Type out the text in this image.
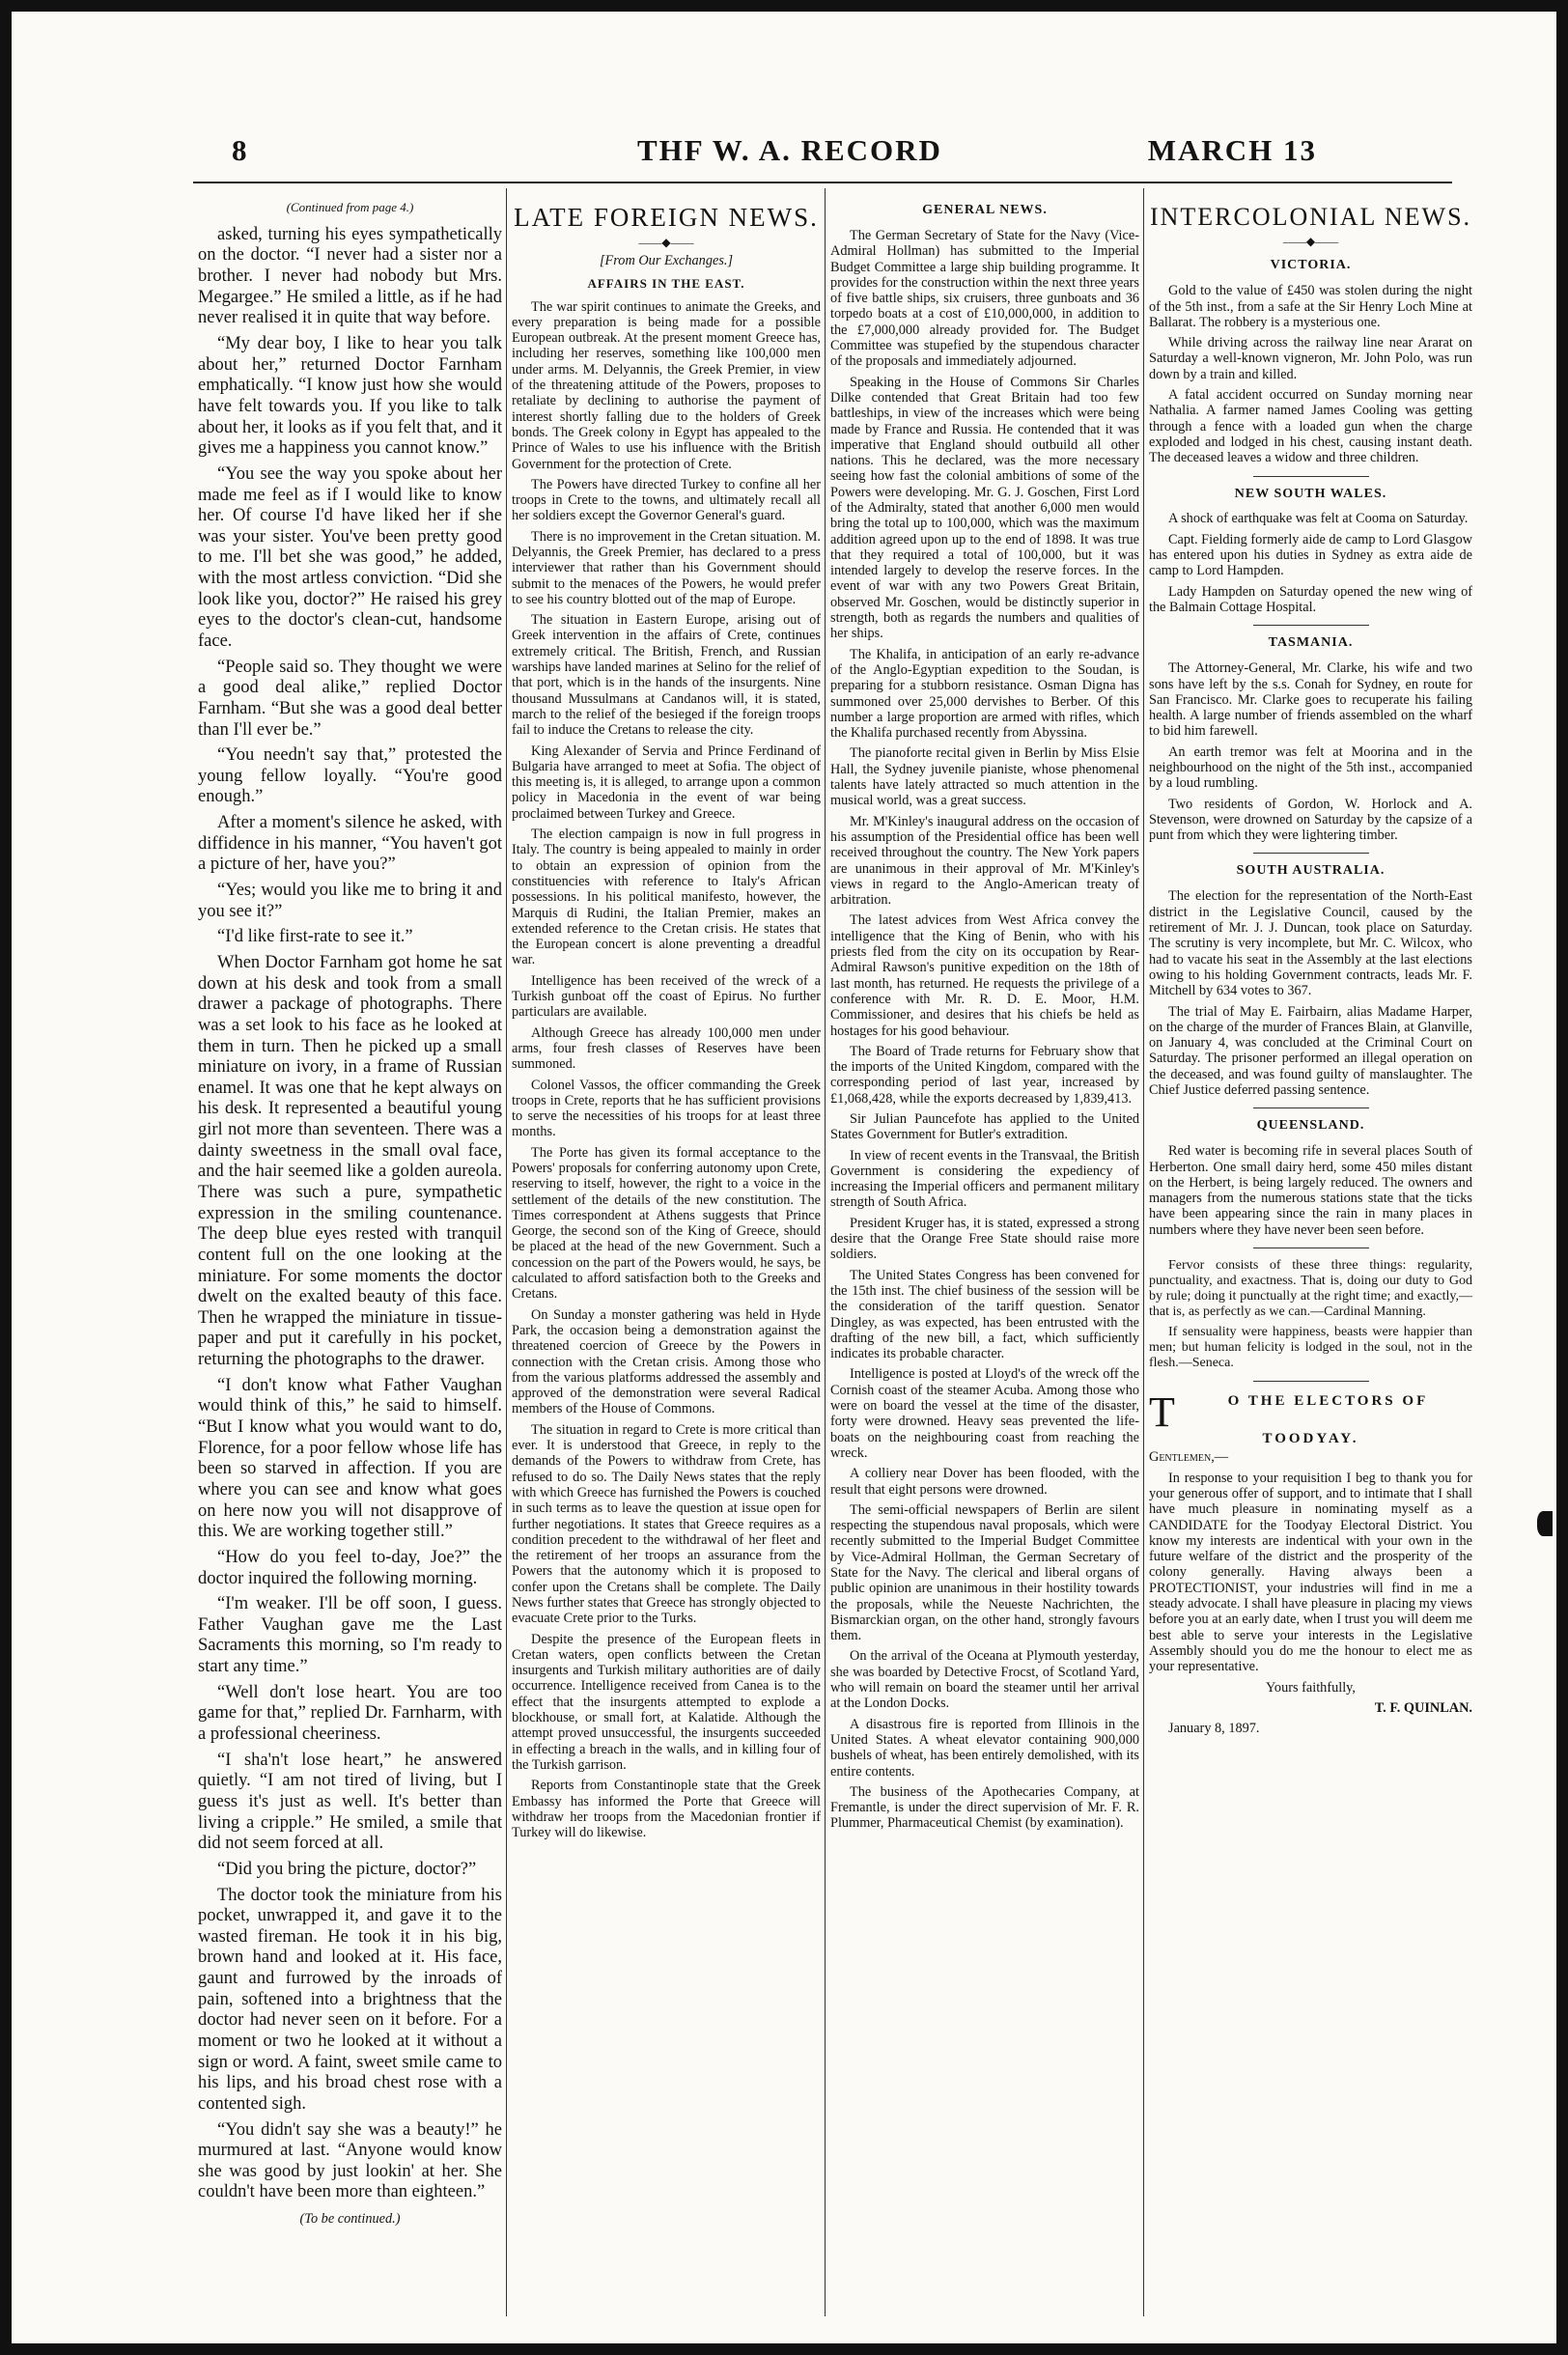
8	THF W. A. RECORD	MARCH 13
(Continued from page 4.)

asked, turning his eyes sympathetically on the doctor. “I never had a sister nor a brother. I never had nobody but Mrs. Megargee.” He smiled a little, as if he had never realised it in quite that way before.

“My dear boy, I like to hear you talk about her,” returned Doctor Farnham emphatically. “I know just how she would have felt towards you. If you like to talk about her, it looks as if you felt that, and it gives me a happiness you cannot know.”

“You see the way you spoke about her made me feel as if I would like to know her. Of course I'd have liked her if she was your sister. You've been pretty good to me. I'll bet she was good,” he added, with the most artless conviction. “Did she look like you, doctor?” He raised his grey eyes to the doctor's clean-cut, handsome face.

“People said so. They thought we were a good deal alike,” replied Doctor Farnham. “But she was a good deal better than I'll ever be.”

“You needn't say that,” protested the young fellow loyally. “You're good enough.”

After a moment's silence he asked, with diffidence in his manner, “You haven't got a picture of her, have you?”

“Yes; would you like me to bring it and you see it?”

“I'd like first-rate to see it.”

When Doctor Farnham got home he sat down at his desk and took from a small drawer a package of photographs. There was a set look to his face as he looked at them in turn. Then he picked up a small miniature on ivory, in a frame of Russian enamel. It was one that he kept always on his desk. It represented a beautiful young girl not more than seventeen. There was a dainty sweetness in the small oval face, and the hair seemed like a golden aureola. There was such a pure, sympathetic expression in the smiling countenance. The deep blue eyes rested with tranquil content full on the one looking at the miniature. For some moments the doctor dwelt on the exalted beauty of this face. Then he wrapped the miniature in tissue-paper and put it carefully in his pocket, returning the photographs to the drawer.

“I don't know what Father Vaughan would think of this,” he said to himself. “But I know what you would want to do, Florence, for a poor fellow whose life has been so starved in affection. If you are where you can see and know what goes on here now you will not disapprove of this. We are working together still.”

“How do you feel to-day, Joe?” the doctor inquired the following morning.

“I'm weaker. I'll be off soon, I guess. Father Vaughan gave me the Last Sacraments this morning, so I'm ready to start any time.”

“Well don't lose heart. You are too game for that,” replied Dr. Farnharm, with a professional cheeriness.

“I sha'n't lose heart,” he answered quietly. “I am not tired of living, but I guess it's just as well. It's better than living a cripple.” He smiled, a smile that did not seem forced at all.

“Did you bring the picture, doctor?”

The doctor took the miniature from his pocket, unwrapped it, and gave it to the wasted fireman. He took it in his big, brown hand and looked at it. His face, gaunt and furrowed by the inroads of pain, softened into a brightness that the doctor had never seen on it before. For a moment or two he looked at it without a sign or word. A faint, sweet smile came to his lips, and his broad chest rose with a contented sigh.

“You didn't say she was a beauty!” he murmured at last. “Anyone would know she was good by just lookin' at her. She couldn't have been more than eighteen.”

(To be continued.)
LATE FOREIGN NEWS.
——◆——
[From Our Exchanges.]
AFFAIRS IN THE EAST.

The war spirit continues to animate the Greeks, and every preparation is being made for a possible European outbreak. At the present moment Greece has, including her reserves, something like 100,000 men under arms. M. Delyannis, the Greek Premier, in view of the threatening attitude of the Powers, proposes to retaliate by declining to authorise the payment of interest shortly falling due to the holders of Greek bonds. The Greek colony in Egypt has appealed to the Prince of Wales to use his influence with the British Government for the protection of Crete.

The Powers have directed Turkey to confine all her troops in Crete to the towns, and ultimately recall all her soldiers except the Governor General's guard.

There is no improvement in the Cretan situation. M. Delyannis, the Greek Premier, has declared to a press interviewer that rather than his Government should submit to the menaces of the Powers, he would prefer to see his country blotted out of the map of Europe.

The situation in Eastern Europe, arising out of Greek intervention in the affairs of Crete, continues extremely critical. The British, French, and Russian warships have landed marines at Selino for the relief of that port, which is in the hands of the insurgents. Nine thousand Mussulmans at Candanos will, it is stated, march to the relief of the besieged if the foreign troops fail to induce the Cretans to release the city.

King Alexander of Servia and Prince Ferdinand of Bulgaria have arranged to meet at Sofia. The object of this meeting is, it is alleged, to arrange upon a common policy in Macedonia in the event of war being proclaimed between Turkey and Greece.

The election campaign is now in full progress in Italy. The country is being appealed to mainly in order to obtain an expression of opinion from the constituencies with reference to Italy's African possessions. In his political manifesto, however, the Marquis di Rudini, the Italian Premier, makes an extended reference to the Cretan crisis. He states that the European concert is alone preventing a dreadful war.

Intelligence has been received of the wreck of a Turkish gunboat off the coast of Epirus. No further particulars are available.

Although Greece has already 100,000 men under arms, four fresh classes of Reserves have been summoned.

Colonel Vassos, the officer commanding the Greek troops in Crete, reports that he has sufficient provisions to serve the necessities of his troops for at least three months.

The Porte has given its formal acceptance to the Powers' proposals for conferring autonomy upon Crete, reserving to itself, however, the right to a voice in the settlement of the details of the new constitution. The Times correspondent at Athens suggests that Prince George, the second son of the King of Greece, should be placed at the head of the new Government. Such a concession on the part of the Powers would, he says, be calculated to afford satisfaction both to the Greeks and Cretans.

On Sunday a monster gathering was held in Hyde Park, the occasion being a demonstration against the threatened coercion of Greece by the Powers in connection with the Cretan crisis. Among those who from the various platforms addressed the assembly and approved of the demonstration were several Radical members of the House of Commons.

The situation in regard to Crete is more critical than ever. It is understood that Greece, in reply to the demands of the Powers to withdraw from Crete, has refused to do so. The Daily News states that the reply with which Greece has furnished the Powers is couched in such terms as to leave the question at issue open for further negotiations. It states that Greece requires as a condition precedent to the withdrawal of her fleet and the retirement of her troops an assurance from the Powers that the autonomy which it is proposed to confer upon the Cretans shall be complete. The Daily News further states that Greece has strongly objected to evacuate Crete prior to the Turks.

Despite the presence of the European fleets in Cretan waters, open conflicts between the Cretan insurgents and Turkish military authorities are of daily occurrence. Intelligence received from Canea is to the effect that the insurgents attempted to explode a blockhouse, or small fort, at Kalatide. Although the attempt proved unsuccessful, the insurgents succeeded in effecting a breach in the walls, and in killing four of the Turkish garrison.

Reports from Constantinople state that the Greek Embassy has informed the Porte that Greece will withdraw her troops from the Macedonian frontier if Turkey will do likewise.

GENERAL NEWS.

The German Secretary of State for the Navy (Vice-Admiral Hollman) has submitted to the Imperial Budget Committee a large ship building programme. It provides for the construction within the next three years of five battle ships, six cruisers, three gunboats and 36 torpedo boats at a cost of £10,000,000, in addition to the £7,000,000 already provided for. The Budget Committee was stupefied by the stupendous character of the proposals and immediately adjourned.

Speaking in the House of Commons Sir Charles Dilke contended that Great Britain had too few battleships, in view of the increases which were being made by France and Russia. He contended that it was imperative that England should outbuild all other nations. This he declared, was the more necessary seeing how fast the colonial ambitions of some of the Powers were developing. Mr. G. J. Goschen, First Lord of the Admiralty, stated that another 6,000 men would bring the total up to 100,000, which was the maximum addition agreed upon up to the end of 1898. It was true that they required a total of 100,000, but it was intended largely to develop the reserve forces. In the event of war with any two Powers Great Britain, observed Mr. Goschen, would be distinctly superior in strength, both as regards the numbers and qualities of her ships.

The Khalifa, in anticipation of an early re-advance of the Anglo-Egyptian expedition to the Soudan, is preparing for a stubborn resistance. Osman Digna has summoned over 25,000 dervishes to Berber. Of this number a large proportion are armed with rifles, which the Khalifa purchased recently from Abyssina.

The pianoforte recital given in Berlin by Miss Elsie Hall, the Sydney juvenile pianiste, whose phenomenal talents have lately attracted so much attention in the musical world, was a great success.

Mr. M'Kinley's inaugural address on the occasion of his assumption of the Presidential office has been well received throughout the country. The New York papers are unanimous in their approval of Mr. M'Kinley's views in regard to the Anglo-American treaty of arbitration.

The latest advices from West Africa convey the intelligence that the King of Benin, who with his priests fled from the city on its occupation by Rear-Admiral Rawson's punitive expedition on the 18th of last month, has returned. He requests the privilege of a conference with Mr. R. D. E. Moor, H.M. Commissioner, and desires that his chiefs be held as hostages for his good behaviour.

The Board of Trade returns for February show that the imports of the United Kingdom, compared with the corresponding period of last year, increased by £1,068,428, while the exports decreased by 1,839,413.

Sir Julian Pauncefote has applied to the United States Government for Butler's extradition.

In view of recent events in the Transvaal, the British Government is considering the expediency of increasing the Imperial officers and permanent military strength of South Africa.

President Kruger has, it is stated, expressed a strong desire that the Orange Free State should raise more soldiers.

The United States Congress has been convened for the 15th inst. The chief business of the session will be the consideration of the tariff question. Senator Dingley, as was expected, has been entrusted with the drafting of the new bill, a fact, which sufficiently indicates its probable character.

Intelligence is posted at Lloyd's of the wreck off the Cornish coast of the steamer Acuba. Among those who were on board the vessel at the time of the disaster, forty were drowned. Heavy seas prevented the life-boats on the neighbouring coast from reaching the wreck.

A colliery near Dover has been flooded, with the result that eight persons were drowned.

The semi-official newspapers of Berlin are silent respecting the stupendous naval proposals, which were recently submitted to the Imperial Budget Committee by Vice-Admiral Hollman, the German Secretary of State for the Navy. The clerical and liberal organs of public opinion are unanimous in their hostility towards the proposals, while the Neueste Nachrichten, the Bismarckian organ, on the other hand, strongly favours them.

On the arrival of the Oceana at Plymouth yesterday, she was boarded by Detective Frocst, of Scotland Yard, who will remain on board the steamer until her arrival at the London Docks.

A disastrous fire is reported from Illinois in the United States. A wheat elevator containing 900,000 bushels of wheat, has been entirely demolished, with its entire contents.

The business of the Apothecaries Company, at Fremantle, is under the direct supervision of Mr. F. R. Plummer, Pharmaceutical Chemist (by examination).

INTERCOLONIAL NEWS.
——◆——
VICTORIA.

Gold to the value of £450 was stolen during the night of the 5th inst., from a safe at the Sir Henry Loch Mine at Ballarat. The robbery is a mysterious one.

While driving across the railway line near Ararat on Saturday a well-known vigneron, Mr. John Polo, was run down by a train and killed.

A fatal accident occurred on Sunday morning near Nathalia. A farmer named James Cooling was getting through a fence with a loaded gun when the charge exploded and lodged in his chest, causing instant death. The deceased leaves a widow and three children.

NEW SOUTH WALES.

A shock of earthquake was felt at Cooma on Saturday.

Capt. Fielding formerly aide de camp to Lord Glasgow has entered upon his duties in Sydney as extra aide de camp to Lord Hampden.

Lady Hampden on Saturday opened the new wing of the Balmain Cottage Hospital.

TASMANIA.

The Attorney-General, Mr. Clarke, his wife and two sons have left by the s.s. Conah for Sydney, en route for San Francisco. Mr. Clarke goes to recuperate his failing health. A large number of friends assembled on the wharf to bid him farewell.

An earth tremor was felt at Moorina and in the neighbourhood on the night of the 5th inst., accompanied by a loud rumbling.

Two residents of Gordon, W. Horlock and A. Stevenson, were drowned on Saturday by the capsize of a punt from which they were lightering timber.

SOUTH AUSTRALIA.

The election for the representation of the North-East district in the Legislative Council, caused by the retirement of Mr. J. J. Duncan, took place on Saturday. The scrutiny is very incomplete, but Mr. C. Wilcox, who had to vacate his seat in the Assembly at the last elections owing to his holding Government contracts, leads Mr. F. Mitchell by 634 votes to 367.

The trial of May E. Fairbairn, alias Madame Harper, on the charge of the murder of Frances Blain, at Glanville, on January 4, was concluded at the Criminal Court on Saturday. The prisoner performed an illegal operation on the deceased, and was found guilty of manslaughter. The Chief Justice deferred passing sentence.

QUEENSLAND.

Red water is becoming rife in several places South of Herberton. One small dairy herd, some 450 miles distant on the Herbert, is being largely reduced. The owners and managers from the numerous stations state that the ticks have been appearing since the rain in many places in numbers where they have never been seen before.

Fervor consists of these three things: regularity, punctuality, and exactness. That is, doing our duty to God by rule; doing it punctually at the right time; and exactly,—that is, as perfectly as we can.—Cardinal Manning.

If sensuality were happiness, beasts were happier than men; but human felicity is lodged in the soul, not in the flesh.—Seneca.

T	O THE ELECTORS OF
TOODYAY.

Gentlemen,—

In response to your requisition I beg to thank you for your generous offer of support, and to intimate that I shall have much pleasure in nominating myself as a CANDIDATE for the Toodyay Electoral District. You know my interests are indentical with your own in the future welfare of the district and the prosperity of the colony generally. Having always been a PROTECTIONIST, your industries will find in me a steady advocate. I shall have pleasure in placing my views before you at an early date, when I trust you will deem me best able to serve your interests in the Legislative Assembly should you do me the honour to elect me as your representative.

Yours faithfully,

T. F. QUINLAN.

January 8, 1897.
